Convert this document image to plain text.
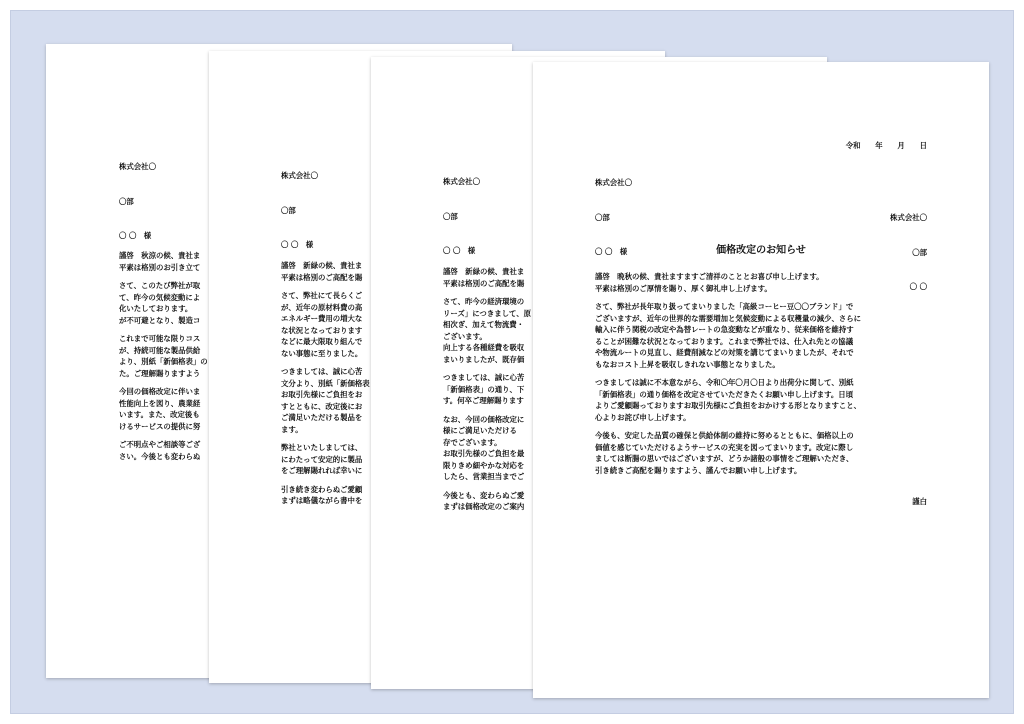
株式会社〇

〇部

〇 〇　様

謹啓　秋涼の候、貴社ま
平素は格別のお引き立て

さて、このたび弊社が取
て、昨今の気候変動によ
化いたしております。
が不可避となり、製造コ

これまで可能な限りコス
が、持続可能な製品供給
より、別紙「新価格表」の
た。ご理解賜りますよう

今回の価格改定に伴いま
性能向上を図り、農業経
います。また、改定後も
けるサービスの提供に努

ご不明点やご相談等ござ
さい。今後とも変わらぬ

株式会社〇

〇部

〇 〇　様

謹啓　新緑の候、貴社ま
平素は格別のご高配を賜

さて、弊社にて長らくご
が、近年の原材料費の高
エネルギー費用の増大な
な状況となっております
などに最大限取り組んで
ない事態に至りました。

つきましては、誠に心苦
文分より、別紙「新価格表
お取引先様にご負担をお
すとともに、改定後にお
ご満足いただける製品を
ます。

弊社といたしましては、
にわたって安定的に製品
をご理解賜れれば幸いに

引き続き変わらぬご愛顧
まずは略儀ながら書中を

株式会社〇

〇部

〇 〇　様

謹啓　新緑の候、貴社ま
平素は格別のご高配を賜

さて、昨今の経済環境の
リーズ」につきまして、原
相次ぎ、加えて物流費・
ございます。
向上する各種経費を吸収
まいりましたが、既存価

つきましては、誠に心苦
「新価格表」の通り、下
す。何卒ご理解賜ります

なお、今回の価格改定に
様にご満足いただける
存でございます。
お取引先様のご負担を最
限りきめ細やかな対応を
したら、営業担当までご

今後とも、変わらぬご愛
まずは価格改定のご案内

令和　　年　　月　　日

株式会社〇

〇部

〇 〇　様

株式会社〇

〇部

〇 〇

価格改定のお知らせ

謹啓　晩秋の候、貴社ますますご清祥のこととお喜び申し上げます。
平素は格別のご厚情を賜り、厚く御礼申し上げます。

さて、弊社が長年取り扱ってまいりました「高級コーヒー豆〇〇ブランド」で
ございますが、近年の世界的な需要増加と気候変動による収穫量の減少、さらに
輸入に伴う関税の改定や為替レートの急変動などが重なり、従来価格を維持す
ることが困難な状況となっております。これまで弊社では、仕入れ先との協議
や物流ルートの見直し、経費削減などの対策を講じてまいりましたが、それで
もなおコスト上昇を吸収しきれない事態となりました。

つきましては誠に不本意ながら、令和〇年〇月〇日より出荷分に関して、別紙
「新価格表」の通り価格を改定させていただきたくお願い申し上げます。日頃
よりご愛顧賜っておりますお取引先様にご負担をおかけする形となりますこと、
心よりお詫び申し上げます。

今後も、安定した品質の確保と供給体制の維持に努めるとともに、価格以上の
価値を感じていただけるようサービスの充実を図ってまいります。改定に際し
ましては断腸の思いではございますが、どうか諸般の事情をご理解いただき、
引き続きご高配を賜りますよう、謹んでお願い申し上げます。

謹白
